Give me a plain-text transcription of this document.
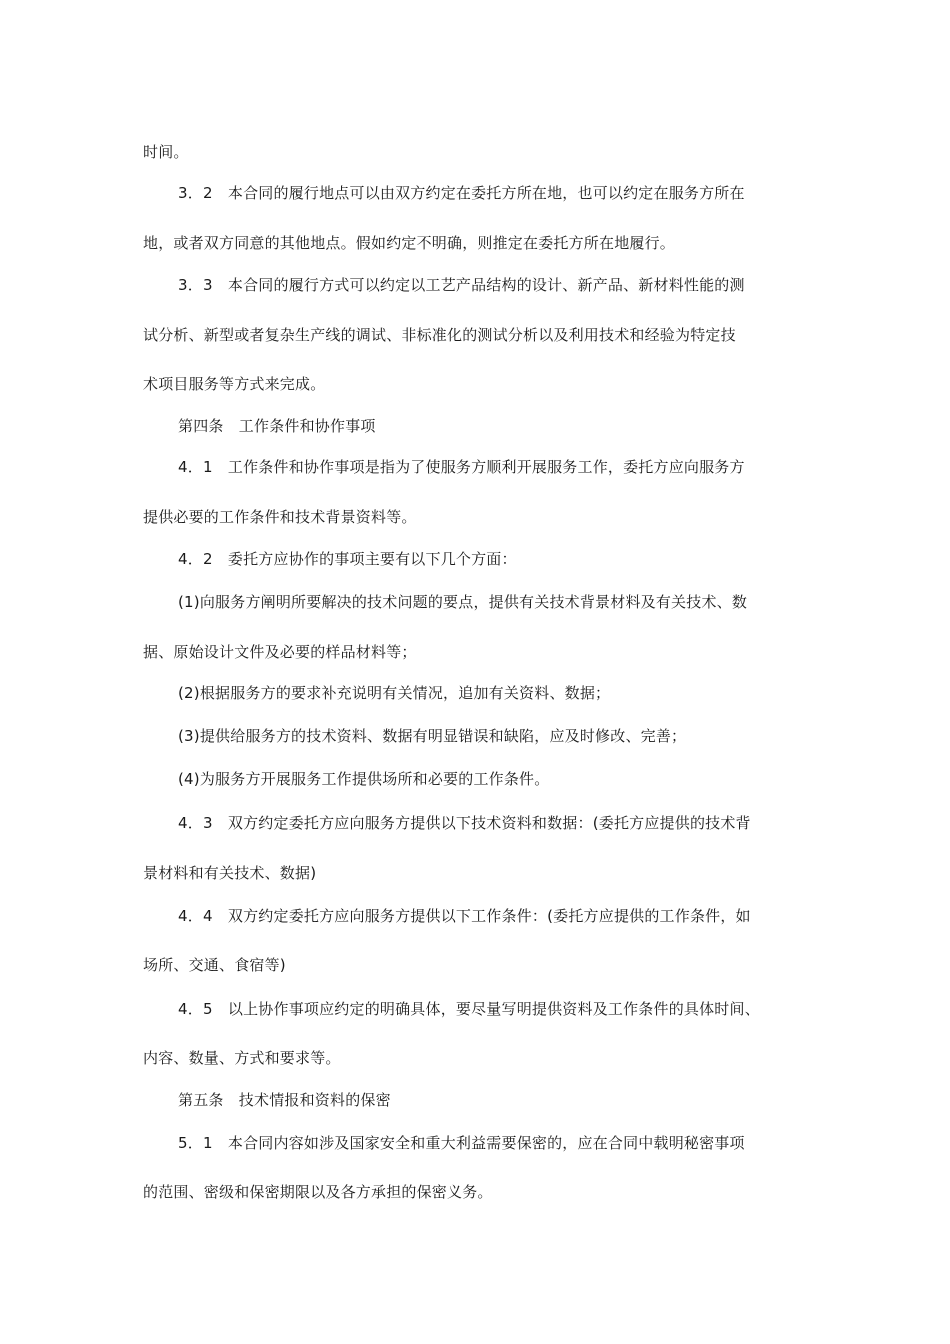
时间。

3．2　本合同的履行地点可以由双方约定在委托方所在地，也可以约定在服务方所在

地，或者双方同意的其他地点。假如约定不明确，则推定在委托方所在地履行。

3．3　本合同的履行方式可以约定以工艺产品结构的设计、新产品、新材料性能的测

试分析、新型或者复杂生产线的调试、非标准化的测试分析以及利用技术和经验为特定技

术项目服务等方式来完成。

第四条　工作条件和协作事项

4．1　工作条件和协作事项是指为了使服务方顺利开展服务工作，委托方应向服务方

提供必要的工作条件和技术背景资料等。

4．2　委托方应协作的事项主要有以下几个方面：

(1)向服务方阐明所要解决的技术问题的要点，提供有关技术背景材料及有关技术、数

据、原始设计文件及必要的样品材料等；

(2)根据服务方的要求补充说明有关情况，追加有关资料、数据；

(3)提供给服务方的技术资料、数据有明显错误和缺陷，应及时修改、完善；

(4)为服务方开展服务工作提供场所和必要的工作条件。

4．3　双方约定委托方应向服务方提供以下技术资料和数据：(委托方应提供的技术背

景材料和有关技术、数据)

4．4　双方约定委托方应向服务方提供以下工作条件：(委托方应提供的工作条件，如

场所、交通、食宿等)

4．5　以上协作事项应约定的明确具体，要尽量写明提供资料及工作条件的具体时间、

内容、数量、方式和要求等。

第五条　技术情报和资料的保密

5．1　本合同内容如涉及国家安全和重大利益需要保密的，应在合同中载明秘密事项

的范围、密级和保密期限以及各方承担的保密义务。
